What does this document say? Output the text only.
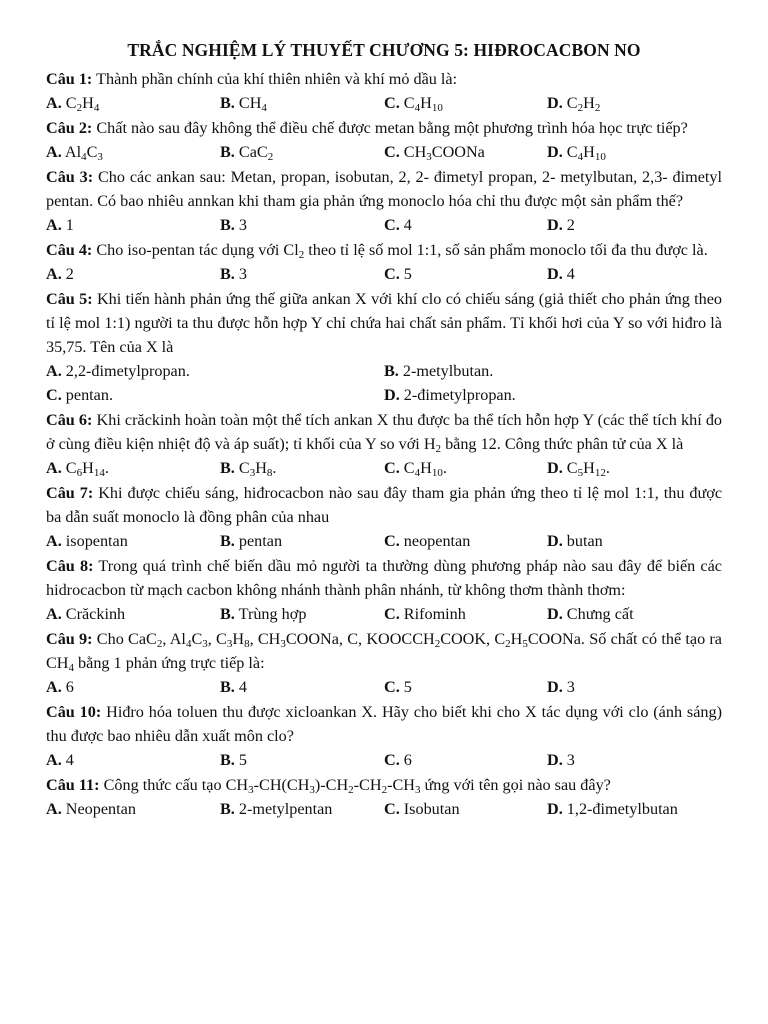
TRẮC NGHIỆM LÝ THUYẾT CHƯƠNG 5: HIĐROCACBON NO
Câu 1: Thành phần chính của khí thiên nhiên và khí mỏ dầu là:
A. $C_2H_4$	B. $CH_4$	C. $C_4H_{10}$	D. $C_2H_2$
Câu 2: Chất nào sau đây không thể điều chế được metan bằng một phương trình hóa học trực tiếp?
A. $Al_4C_3$	B. CaC$_2$	C. $CH_3COONa$	D. $C_4H_{10}$
Câu 3: Cho các ankan sau: Metan, propan, isobutan, 2, 2- đimetyl propan, 2- metylbutan, 2,3- đimetyl pentan. Có bao nhiêu annkan khi tham gia phản ứng monoclo hóa chỉ thu được một sản phẩm thế?
A. 1	B. 3	C. 4	D. 2
Câu 4: Cho iso-pentan tác dụng với $Cl_2$ theo tỉ lệ số mol 1:1, số sản phẩm monoclo tối đa thu được là.
A. 2	B. 3	C. 5	D. 4
Câu 5: Khi tiến hành phản ứng thế giữa ankan X với khí clo có chiếu sáng (giả thiết cho phản ứng theo tỉ lệ mol 1:1) người ta thu được hỗn hợp Y chỉ chứa hai chất sản phẩm. Tỉ khối hơi của Y so với hiđro là 35,75. Tên của X là
A. 2,2-đimetylpropan.	B. 2-metylbutan.
C. pentan.	D. 2-đimetylpropan.
Câu 6: Khi crăckinh hoàn toàn một thể tích ankan X thu được ba thể tích hỗn hợp Y (các thể tích khí đo ở cùng điều kiện nhiệt độ và áp suất); tỉ khối của Y so với $H_2$ bằng 12. Công thức phân tử của X là
A. $C_6H_{14}$.	B. $C_3H_8$.	C. $C_4H_{10}$.	D. $C_5H_{12}$.
Câu 7: Khi được chiếu sáng, hiđrocacbon nào sau đây tham gia phản ứng theo tỉ lệ mol 1:1, thu được ba dẫn suất monoclo là đồng phân của nhau
A. isopentan	B. pentan	C. neopentan	D. butan
Câu 8: Trong quá trình chế biến dầu mỏ người ta thường dùng phương pháp nào sau đây để biến các hidrocacbon từ mạch cacbon không nhánh thành phân nhánh, từ không thơm thành thơm:
A. Crăckinh	B. Trùng hợp	C. Rifominh	D. Chưng cất
Câu 9: Cho CaC$_2$, $Al_4C_3$, $C_3H_8$, $CH_3COONa$, C, $KOOCCH_2COOK$, $C_2H_5COONa$. Số chất có thể tạo ra $CH_4$ bằng 1 phản ứng trực tiếp là:
A. 6	B. 4	C. 5	D. 3
Câu 10: Hiđro hóa toluen thu được xicloankan X. Hãy cho biết khi cho X tác dụng với clo (ánh sáng) thu được bao nhiêu dẫn xuất môn clo?
A. 4	B. 5	C. 6	D. 3
Câu 11: Công thức cấu tạo $CH_3-CH(CH_3)-CH_2-CH_2-CH_3$ ứng với tên gọi nào sau đây?
A. Neopentan	B. 2-metylpentan	C. Isobutan	D. 1,2-đimetylbutan
